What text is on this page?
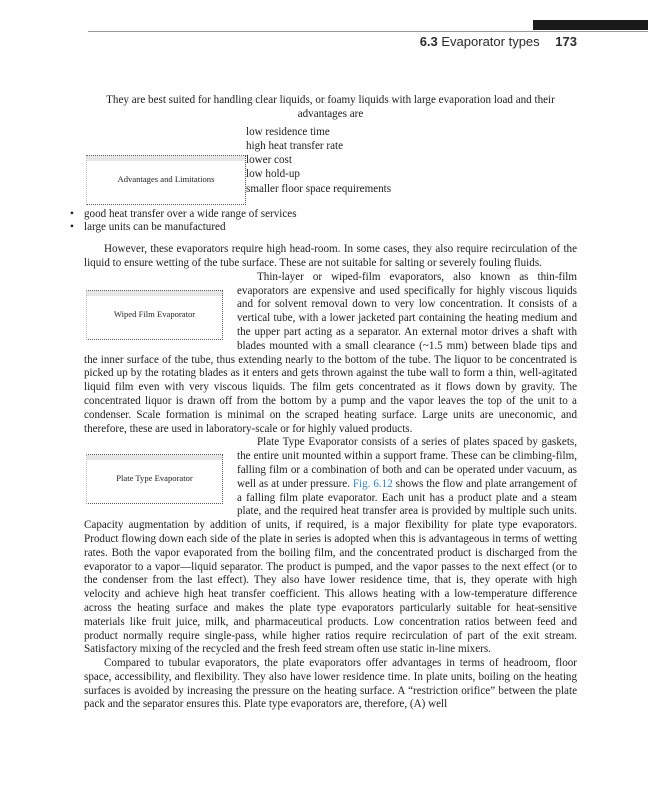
6.3 Evaporator types 173

They are best suited for handling clear liquids, or foamy liquids with large evaporation load and their advantages are

Advantages and Limitations
• low residence time
• high heat transfer rate
• lower cost
• low hold-up
• smaller floor space requirements
• good heat transfer over a wide range of services
• large units can be manufactured

However, these evaporators require high head-room. In some cases, they also require recirculation of the liquid to ensure wetting of the tube surface. These are not suitable for salting or severely fouling fluids.

Wiped Film Evaporator

Thin-layer or wiped-film evaporators, also known as thin-film evaporators are expensive and used specifically for highly viscous liquids and for solvent removal down to very low concentration. It consists of a vertical tube, with a lower jacketed part containing the heating medium and the upper part acting as a separator. An external motor drives a shaft with blades mounted with a small clearance (~1.5 mm) between blade tips and the inner surface of the tube, thus extending nearly to the bottom of the tube. The liquor to be concentrated is picked up by the rotating blades as it enters and gets thrown against the tube wall to form a thin, well-agitated liquid film even with very viscous liquids. The film gets concentrated as it flows down by gravity. The concentrated liquor is drawn off from the bottom by a pump and the vapor leaves the top of the unit to a condenser. Scale formation is minimal on the scraped heating surface. Large units are uneconomic, and therefore, these are used in laboratory-scale or for highly valued products.

Plate Type Evaporator

Plate Type Evaporator consists of a series of plates spaced by gaskets, the entire unit mounted within a support frame. These can be climbing-film, falling film or a combination of both and can be operated under vacuum, as well as at under pressure. Fig. 6.12 shows the flow and plate arrangement of a falling film plate evaporator. Each unit has a product plate and a steam plate, and the required heat transfer area is provided by multiple such units. Capacity augmentation by addition of units, if required, is a major flexibility for plate type evaporators. Product flowing down each side of the plate in series is adopted when this is advantageous in terms of wetting rates. Both the vapor evaporated from the boiling film, and the concentrated product is discharged from the evaporator to a vapor—liquid separator. The product is pumped, and the vapor passes to the next effect (or to the condenser from the last effect). They also have lower residence time, that is, they operate with high velocity and achieve high heat transfer coefficient. This allows heating with a low-temperature difference across the heating surface and makes the plate type evaporators particularly suitable for heat-sensitive materials like fruit juice, milk, and pharmaceutical products. Low concentration ratios between feed and product normally require single-pass, while higher ratios require recirculation of part of the exit stream. Satisfactory mixing of the recycled and the fresh feed stream often use static in-line mixers.

Compared to tubular evaporators, the plate evaporators offer advantages in terms of headroom, floor space, accessibility, and flexibility. They also have lower residence time. In plate units, boiling on the heating surfaces is avoided by increasing the pressure on the heating surface. A “restriction orifice” between the plate pack and the separator ensures this. Plate type evaporators are, therefore, (A) well
